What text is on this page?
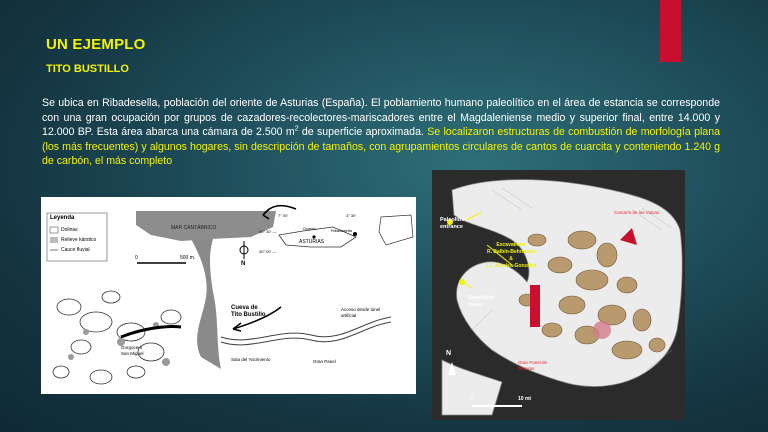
UN EJEMPLO
TITO BUSTILLO
Se ubica en Ribadesella, población del oriente de Asturias (España). El poblamiento humano paleolítico en el área de estancia se corresponde con una gran ocupación por grupos de cazadores-recolectores-mariscadores entre el Magdaleniense medio y superior final, entre 14.000 y 12.000 BP. Esta área abarca una cámara de 2.500 $m^2$ de superficie aproximada. Se localizaron estructuras de combustión de morfología plana (los más frecuentes) y algunos hogares, sin descripción de tamaños, con agrupamientos circulares de cantos de cuarcita y conteniendo 1.240 g de carbón, el más completo
Leyenda
Dolinas
Relieve kárstico
Cauce fluvial
MAR CANTÁBRICO
0	500 m.
N
ASTURIAS
Oviedo	Ribadesella
40° 30' —
40° 00' —
7° 00'	4° 30'
Cueva de
Tito Bustillo
Acceso desde túnel
artificial
Sala del Yacimiento	Gran Panel
Gorgocero
San Miguel
Paleolithic
entrance
Excavations
R. Balbín-Behrmann
&
J.J. Alcolea-González
Mesolithic
burial
Camarín de las Vulvas
Gran Panel de
Pinturas
N
0	10 mt
